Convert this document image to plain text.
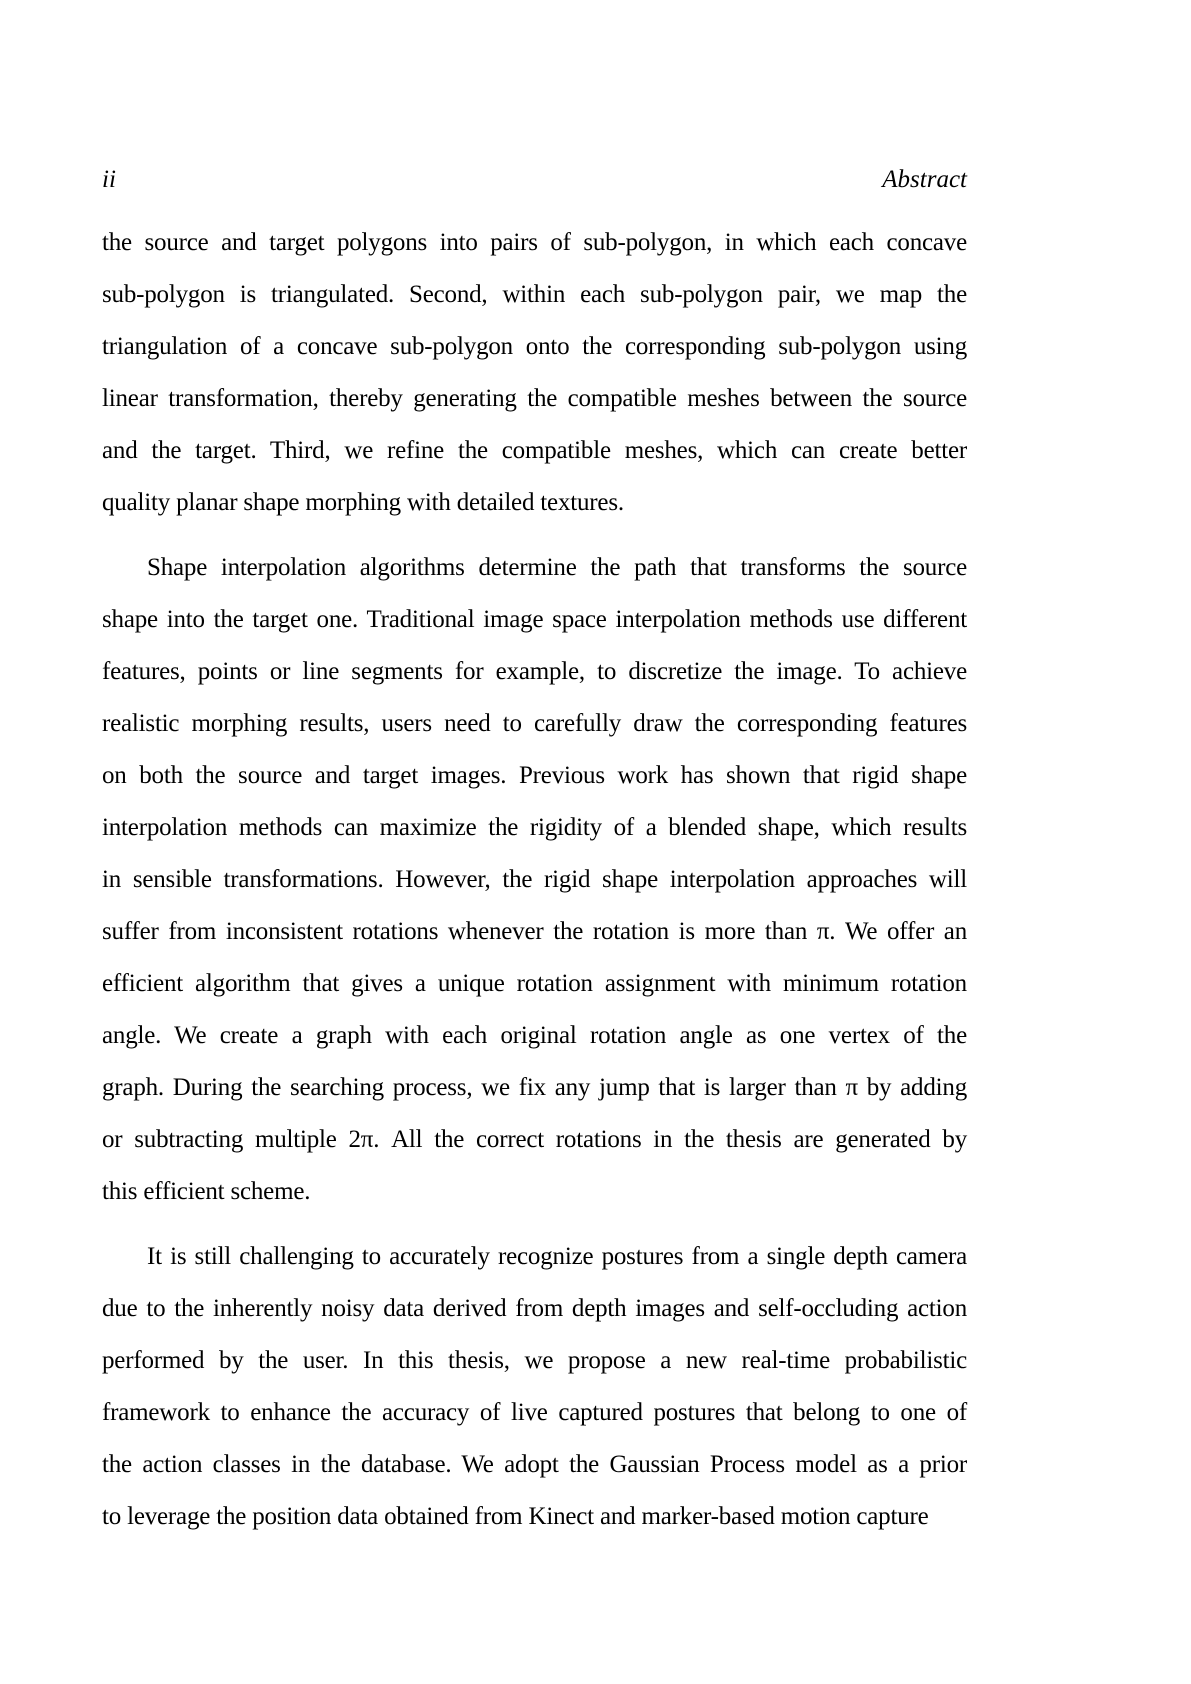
ii	Abstract
the source and target polygons into pairs of sub-polygon, in which each concave
sub-polygon is triangulated. Second, within each sub-polygon pair, we map the
triangulation of a concave sub-polygon onto the corresponding sub-polygon using
linear transformation, thereby generating the compatible meshes between the source
and the target. Third, we refine the compatible meshes, which can create better
quality planar shape morphing with detailed textures.
Shape interpolation algorithms determine the path that transforms the source
shape into the target one. Traditional image space interpolation methods use different
features, points or line segments for example, to discretize the image. To achieve
realistic morphing results, users need to carefully draw the corresponding features
on both the source and target images. Previous work has shown that rigid shape
interpolation methods can maximize the rigidity of a blended shape, which results
in sensible transformations. However, the rigid shape interpolation approaches will
suffer from inconsistent rotations whenever the rotation is more than π. We offer an
efficient algorithm that gives a unique rotation assignment with minimum rotation
angle. We create a graph with each original rotation angle as one vertex of the
graph. During the searching process, we fix any jump that is larger than π by adding
or subtracting multiple 2π. All the correct rotations in the thesis are generated by
this efficient scheme.
It is still challenging to accurately recognize postures from a single depth camera
due to the inherently noisy data derived from depth images and self-occluding action
performed by the user. In this thesis, we propose a new real-time probabilistic
framework to enhance the accuracy of live captured postures that belong to one of
the action classes in the database. We adopt the Gaussian Process model as a prior
to leverage the position data obtained from Kinect and marker-based motion capture
